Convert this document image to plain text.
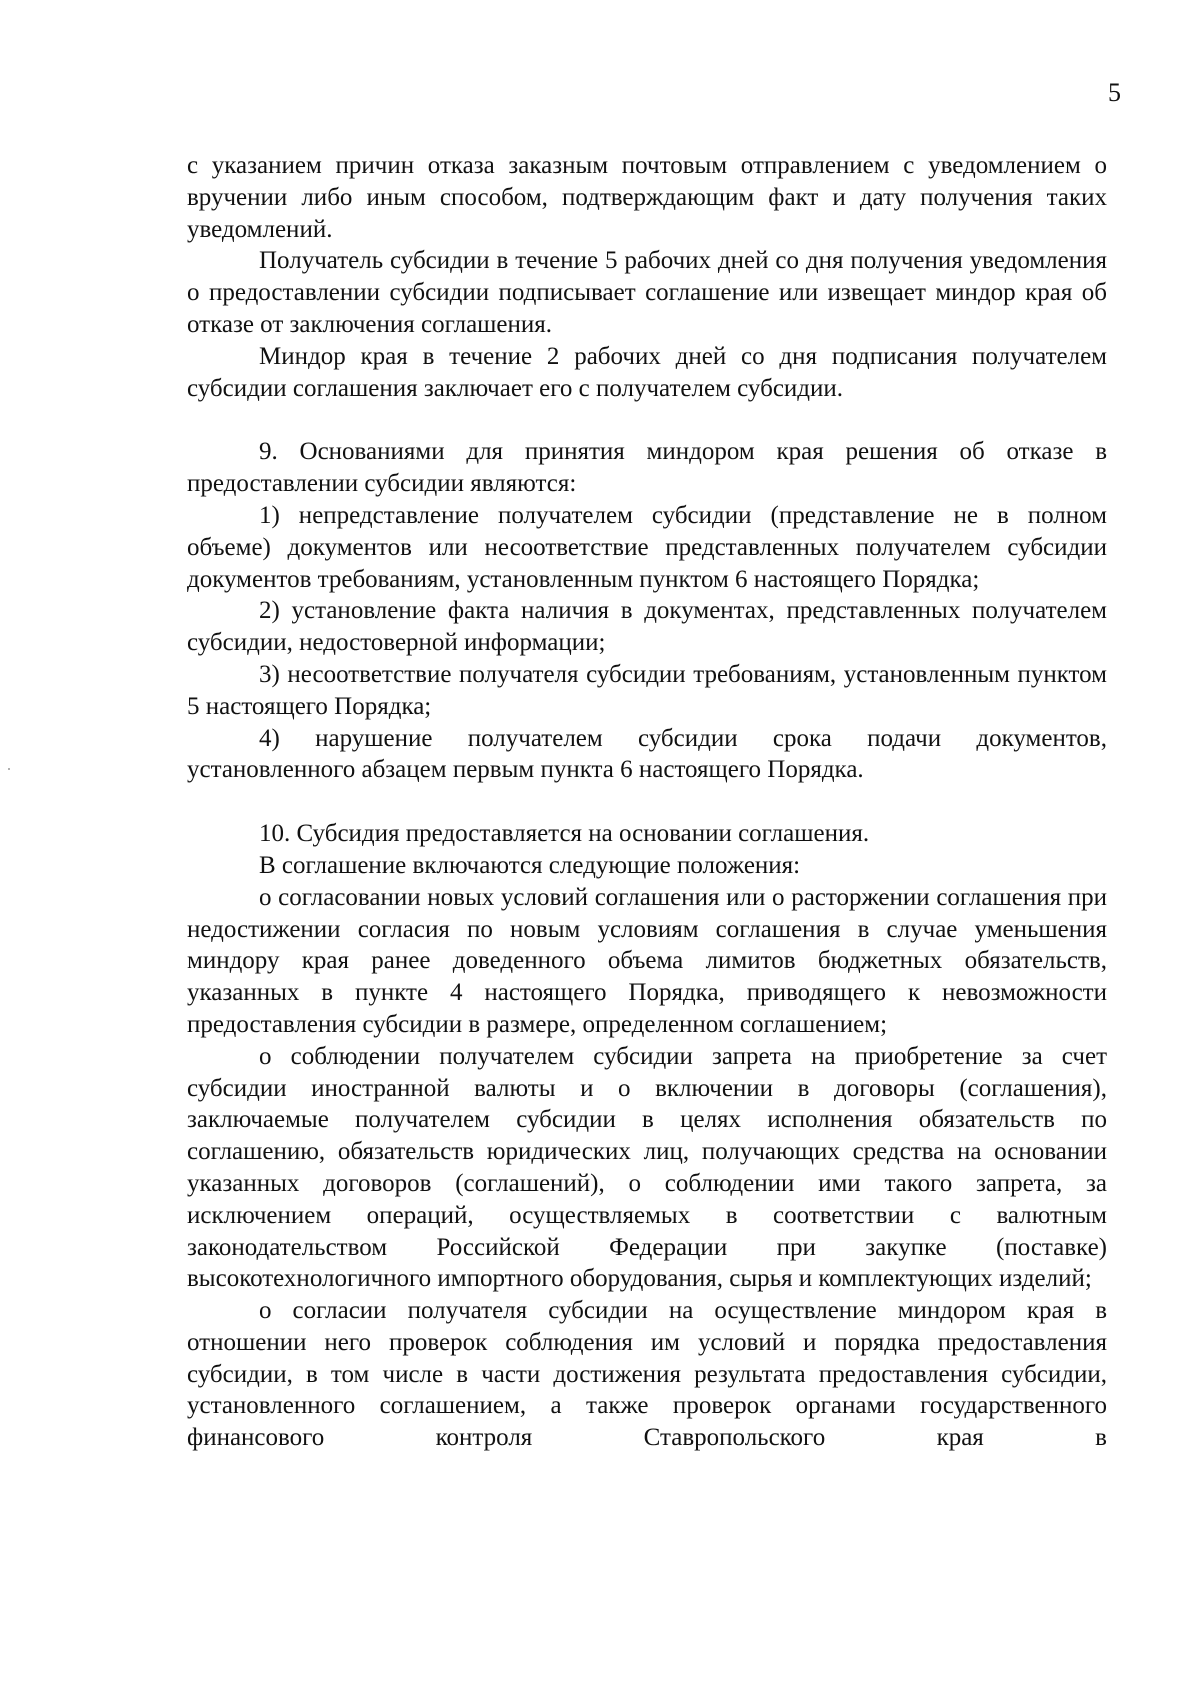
5

с указанием причин отказа заказным почтовым отправлением с уведомлением о вручении либо иным способом, подтверждающим факт и дату получения таких уведомлений.

Получатель субсидии в течение 5 рабочих дней со дня получения уведомления о предоставлении субсидии подписывает соглашение или извещает миндор края об отказе от заключения соглашения.

Миндор края в течение 2 рабочих дней со дня подписания получателем субсидии соглашения заключает его с получателем субсидии.

9. Основаниями для принятия миндором края решения об отказе в предоставлении субсидии являются:

1) непредставление получателем субсидии (представление не в полном объеме) документов или несоответствие представленных получателем субсидии документов требованиям, установленным пунктом 6 настоящего Порядка;

2) установление факта наличия в документах, представленных получателем субсидии, недостоверной информации;

3) несоответствие получателя субсидии требованиям, установленным пунктом 5 настоящего Порядка;

4) нарушение получателем субсидии срока подачи документов, установленного абзацем первым пункта 6 настоящего Порядка.

10. Субсидия предоставляется на основании соглашения.

В соглашение включаются следующие положения:

о согласовании новых условий соглашения или о расторжении соглашения при недостижении согласия по новым условиям соглашения в случае уменьшения миндору края ранее доведенного объема лимитов бюджетных обязательств, указанных в пункте 4 настоящего Порядка, приводящего к невозможности предоставления субсидии в размере, определенном соглашением;

о соблюдении получателем субсидии запрета на приобретение за счет субсидии иностранной валюты и о включении в договоры (соглашения), заключаемые получателем субсидии в целях исполнения обязательств по соглашению, обязательств юридических лиц, получающих средства на основании указанных договоров (соглашений), о соблюдении ими такого запрета, за исключением операций, осуществляемых в соответствии с валютным законодательством Российской Федерации при закупке (поставке) высокотехнологичного импортного оборудования, сырья и комплектующих изделий;

о согласии получателя субсидии на осуществление миндором края в отношении него проверок соблюдения им условий и порядка предоставления субсидии, в том числе в части достижения результата предоставления субсидии, установленного соглашением, а также проверок органами государственного финансового контроля Ставропольского края в
